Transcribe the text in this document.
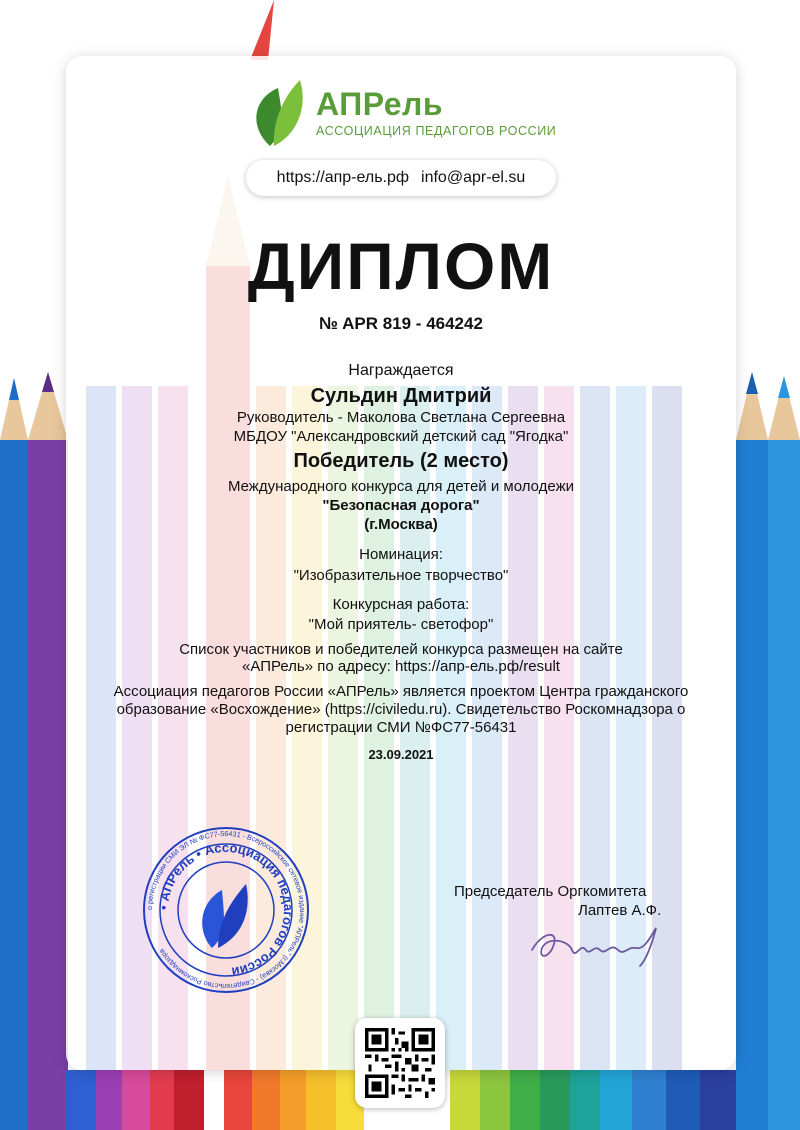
АПРель
АССОЦИАЦИЯ ПЕДАГОГОВ РОССИИ
https://апр-ель.рф info@apr-el.su
ДИПЛОМ
№ APR 819 - 464242
Награждается
Сульдин Дмитрий
Руководитель - Маколова Светлана Сергеевна
МБДОУ "Александровский детский сад "Ягодка"
Победитель (2 место)
Международного конкурса для детей и молодежи
"Безопасная дорога"
(г.Москва)
Номинация:
"Изобразительное творчество"
Конкурсная работа:
"Мой приятель- светофор"
Список участников и победителей конкурса размещен на сайте
«АПРель» по адресу: https://апр-ель.рф/result
Ассоциация педагогов России «АПРель» является проектом Центра гражданского
образование «Восхождение» (https://civiledu.ru). Свидетельство Роскомнадзора о
регистрации СМИ №ФС77-56431
23.09.2021
о регистрации СМИ ЭЛ № ФС77-56431 - Всероссийское сетевое издание "АПРель" (г.Москва) - Свидетельство Роскомнадзора
• АПРель • Ассоциация педагогов России
Председатель Оргкомитета
Лаптев А.Ф.
